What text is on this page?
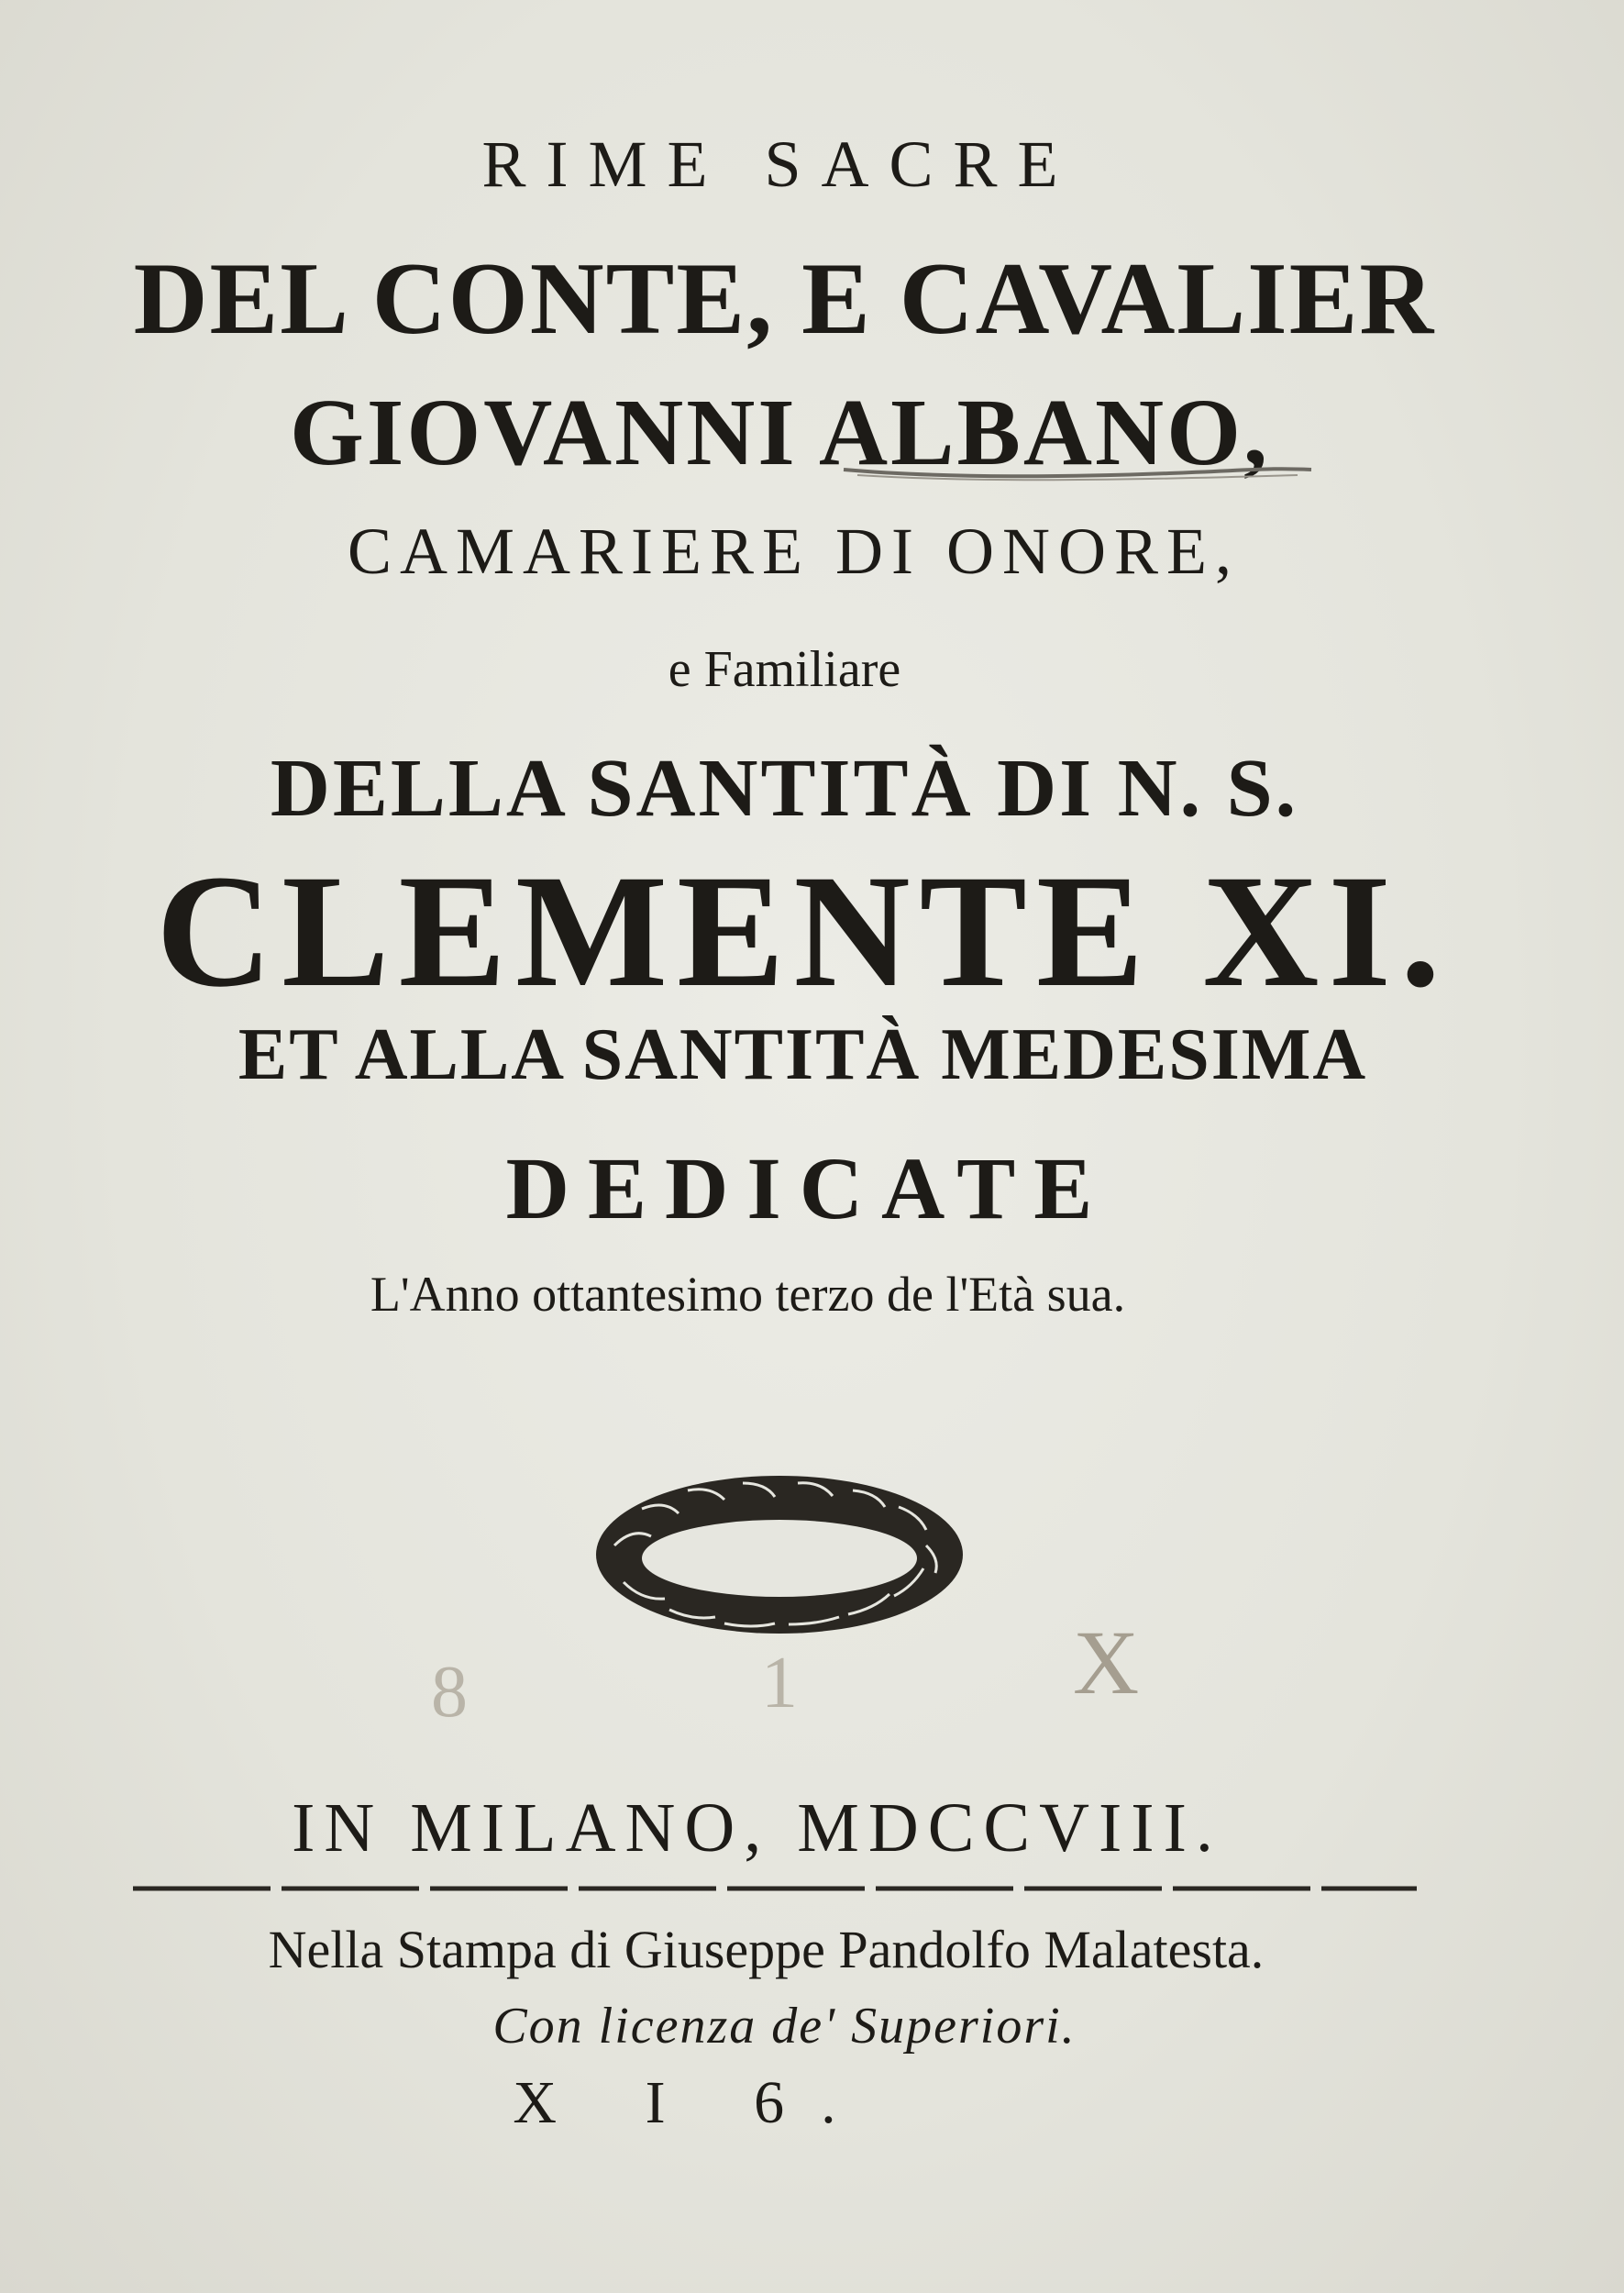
RIME SACRE
DEL CONTE, E CAVALIER
GIOVANNI ALBANO,
CAMARIERE DI ONORE,
e Familiare
DELLA SANTITÀ DI N. S.
CLEMENTE XI.
ET ALLA SANTITÀ MEDESIMA
DEDICATE
L'Anno ottantesimo terzo de l'Età sua.
8	1	X
IN MILANO, MDCCVIII.
Nella Stampa di Giuseppe Pandolfo Malatesta.
Con licenza de' Superiori.
X I 6.
